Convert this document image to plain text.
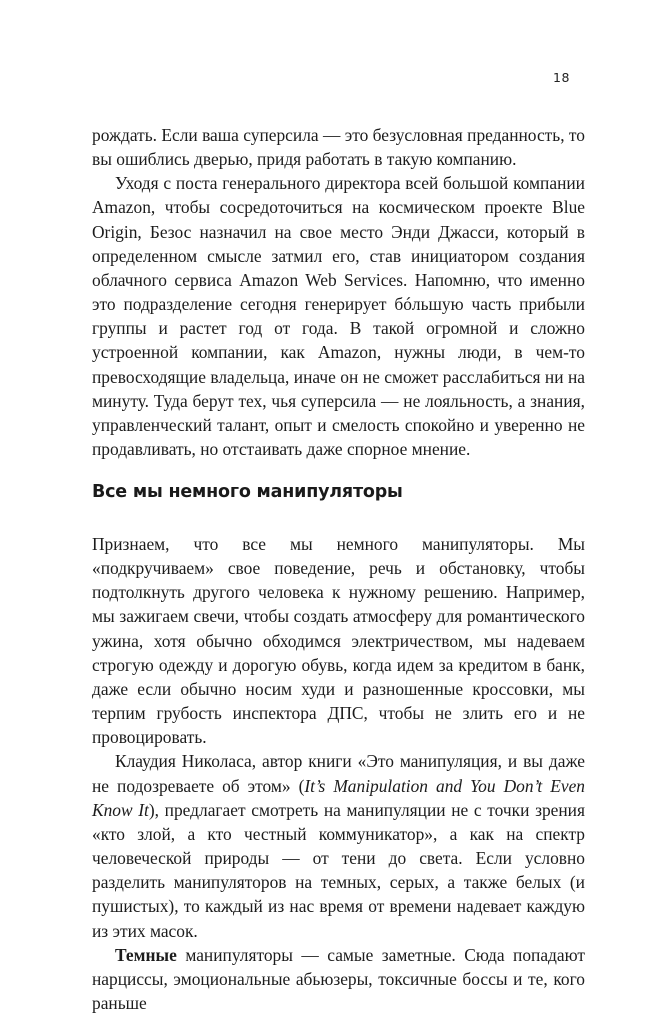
18

рождать. Если ваша суперсила — это безусловная преданность, то вы ошиблись дверью, придя работать в такую компанию.

Уходя с поста генерального директора всей большой компании Amazon, чтобы сосредоточиться на космическом проекте Blue Origin, Безос назначил на свое место Энди Джасси, который в определенном смысле затмил его, став инициатором создания облачного сервиса Amazon Web Services. Напомню, что именно это подразделение сегодня генерирует бóльшую часть прибыли группы и растет год от года. В такой огромной и сложно устроенной компании, как Amazon, нужны люди, в чем-то превосходящие владельца, иначе он не сможет расслабиться ни на минуту. Туда берут тех, чья суперсила — не лояльность, а знания, управленческий талант, опыт и смелость спокойно и уверенно не продавливать, но отстаивать даже спорное мнение.

Все мы немного манипуляторы

Признаем, что все мы немного манипуляторы. Мы «подкручиваем» свое поведение, речь и обстановку, чтобы подтолкнуть другого человека к нужному решению. Например, мы зажигаем свечи, чтобы создать атмосферу для романтического ужина, хотя обычно обходимся электричеством, мы надеваем строгую одежду и дорогую обувь, когда идем за кредитом в банк, даже если обычно носим худи и разношенные кроссовки, мы терпим грубость инспектора ДПС, чтобы не злить его и не провоцировать.

Клаудия Николаса, автор книги «Это манипуляция, и вы даже не подозреваете об этом» (It’s Manipulation and You Don’t Even Know It), предлагает смотреть на манипуляции не с точки зрения «кто злой, а кто честный коммуникатор», а как на спектр человеческой природы — от тени до света. Если условно разделить манипуляторов на темных, серых, а также белых (и пушистых), то каждый из нас время от времени надевает каждую из этих масок.

Темные манипуляторы — самые заметные. Сюда попадают нарциссы, эмоциональные абьюзеры, токсичные боссы и те, кого раньше
